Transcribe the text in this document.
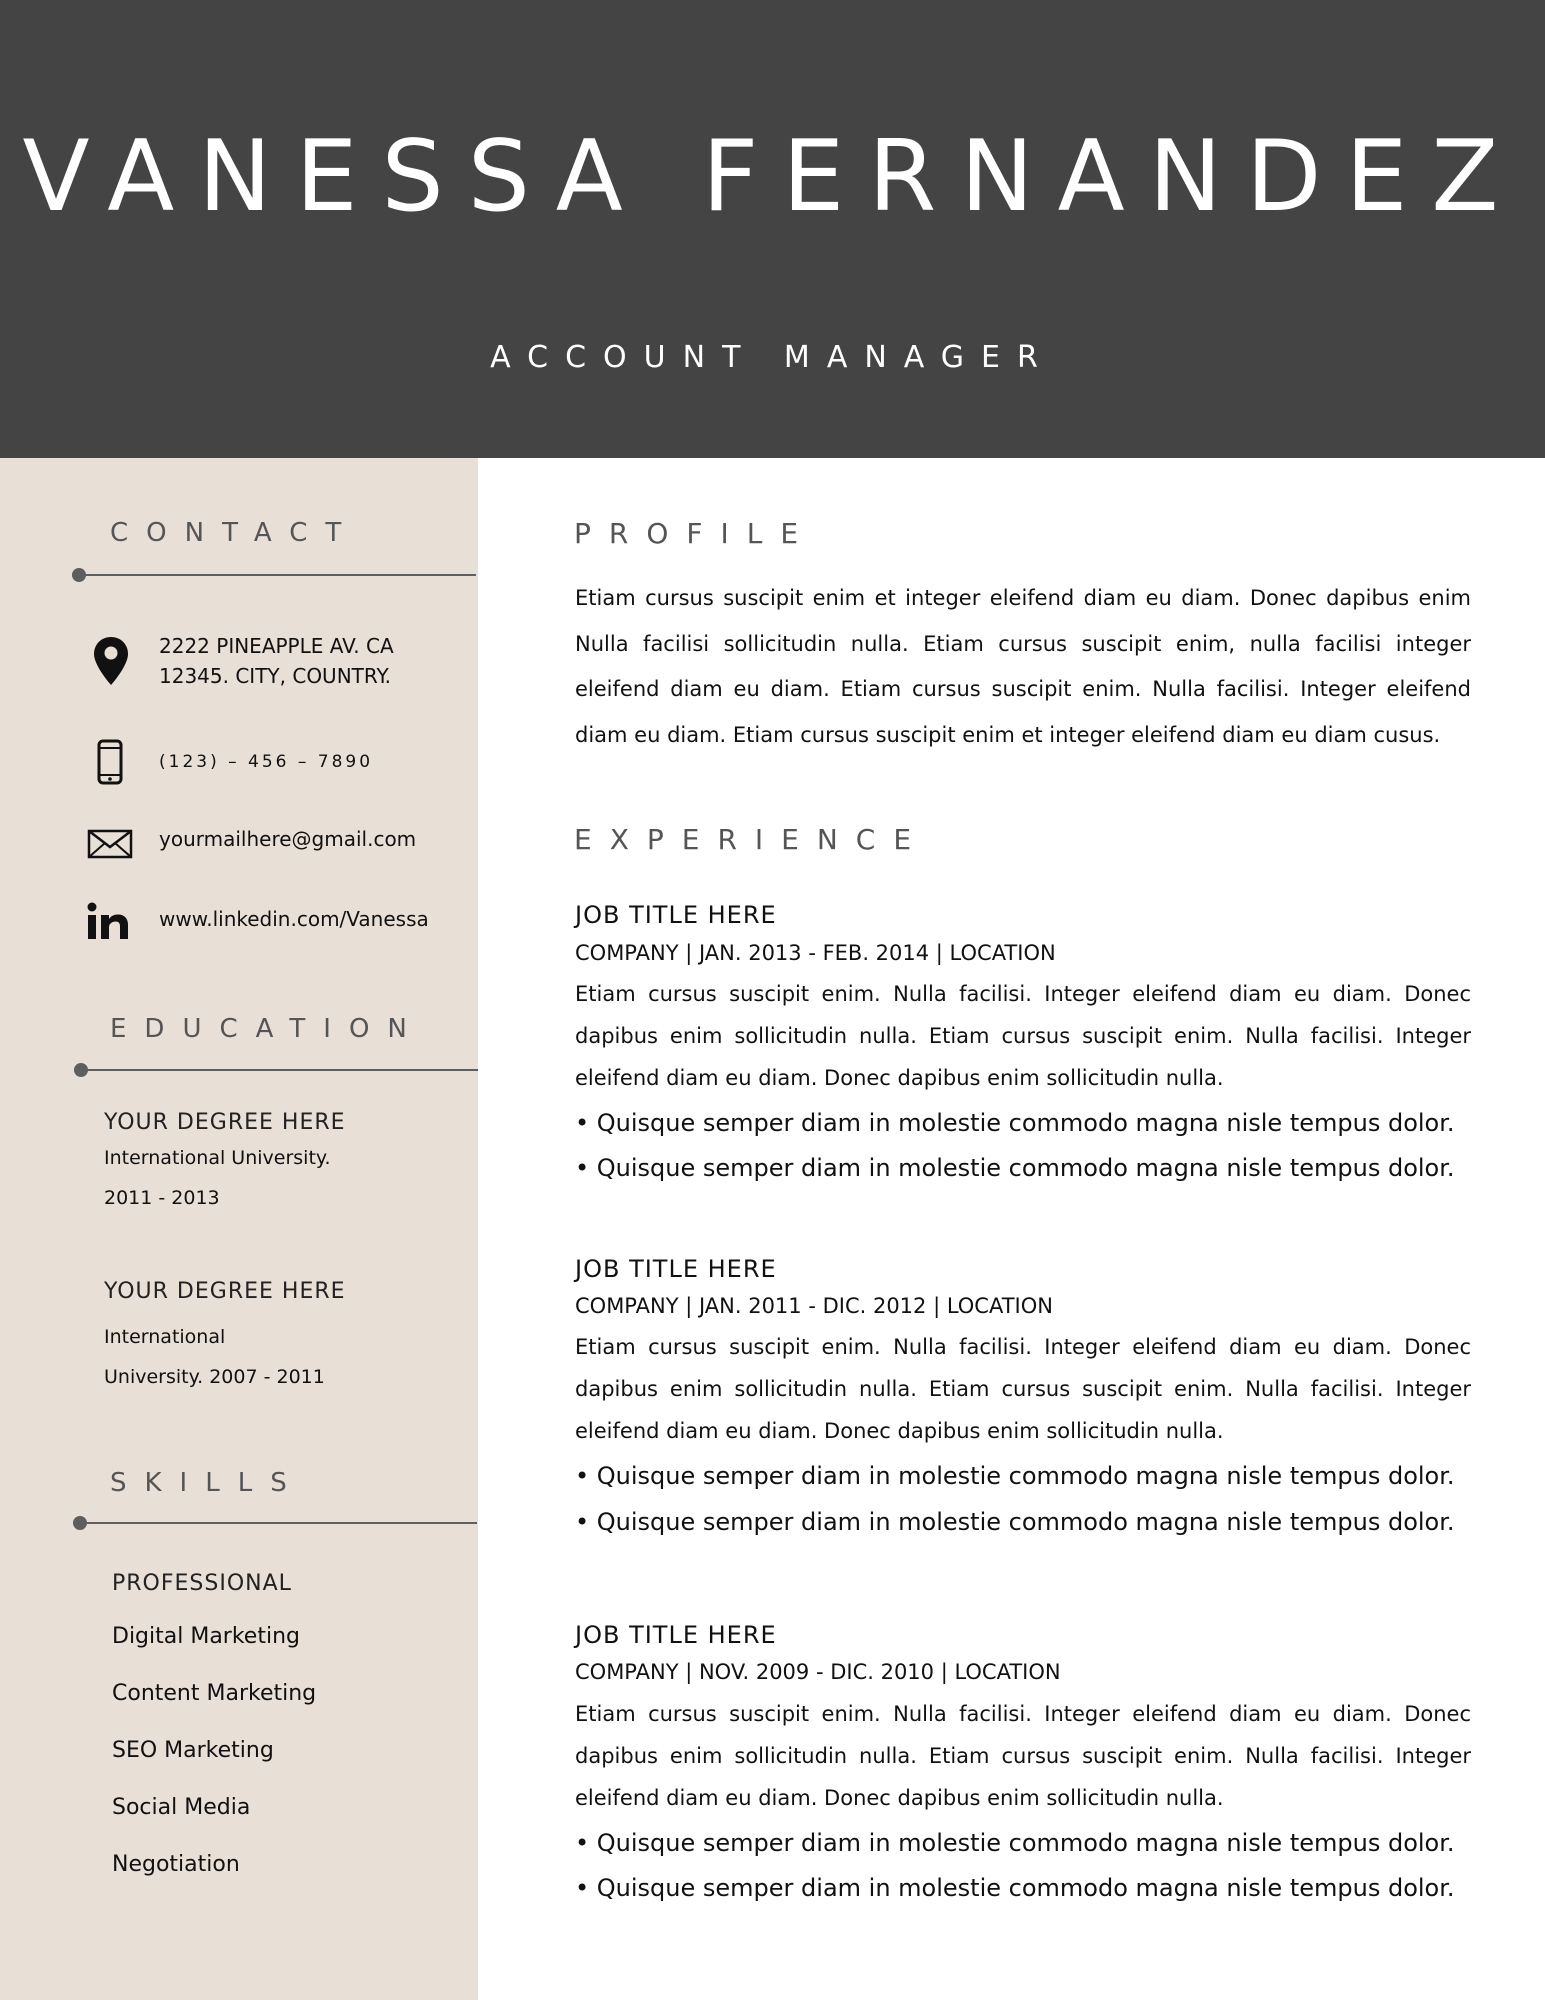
VANESSA FERNANDEZ
ACCOUNT MANAGER
CONTACT
2222 PINEAPPLE AV. CA
12345. CITY, COUNTRY.
(123) – 456 – 7890
yourmailhere@gmail.com
www.linkedin.com/Vanessa
EDUCATION
YOUR DEGREE HERE
International University.
2011 - 2013
YOUR DEGREE HERE
International
University. 2007 - 2011
SKILLS
PROFESSIONAL
Digital Marketing
Content Marketing
SEO Marketing
Social Media
Negotiation
PROFILE

Etiam cursus suscipit enim et integer eleifend diam eu diam. Donec dapibus enim Nulla facilisi sollicitudin nulla. Etiam cursus suscipit enim, nulla facilisi integer eleifend diam eu diam. Etiam cursus suscipit enim. Nulla facilisi. Integer eleifend diam eu diam. Etiam cursus suscipit enim et integer eleifend diam eu diam cusus.

EXPERIENCE
JOB TITLE HERE
COMPANY | JAN. 2013 - FEB. 2014 | LOCATION

Etiam cursus suscipit enim. Nulla facilisi. Integer eleifend diam eu diam. Donec dapibus enim sollicitudin nulla. Etiam cursus suscipit enim. Nulla facilisi. Integer eleifend diam eu diam. Donec dapibus enim sollicitudin nulla.

• Quisque semper diam in molestie commodo magna nisle tempus dolor.
• Quisque semper diam in molestie commodo magna nisle tempus dolor.
JOB TITLE HERE
COMPANY | JAN. 2011 - DIC. 2012 | LOCATION

Etiam cursus suscipit enim. Nulla facilisi. Integer eleifend diam eu diam. Donec dapibus enim sollicitudin nulla. Etiam cursus suscipit enim. Nulla facilisi. Integer eleifend diam eu diam. Donec dapibus enim sollicitudin nulla.

• Quisque semper diam in molestie commodo magna nisle tempus dolor.
• Quisque semper diam in molestie commodo magna nisle tempus dolor.
JOB TITLE HERE
COMPANY | NOV. 2009 - DIC. 2010 | LOCATION

Etiam cursus suscipit enim. Nulla facilisi. Integer eleifend diam eu diam. Donec dapibus enim sollicitudin nulla. Etiam cursus suscipit enim. Nulla facilisi. Integer eleifend diam eu diam. Donec dapibus enim sollicitudin nulla.

• Quisque semper diam in molestie commodo magna nisle tempus dolor.
• Quisque semper diam in molestie commodo magna nisle tempus dolor.
